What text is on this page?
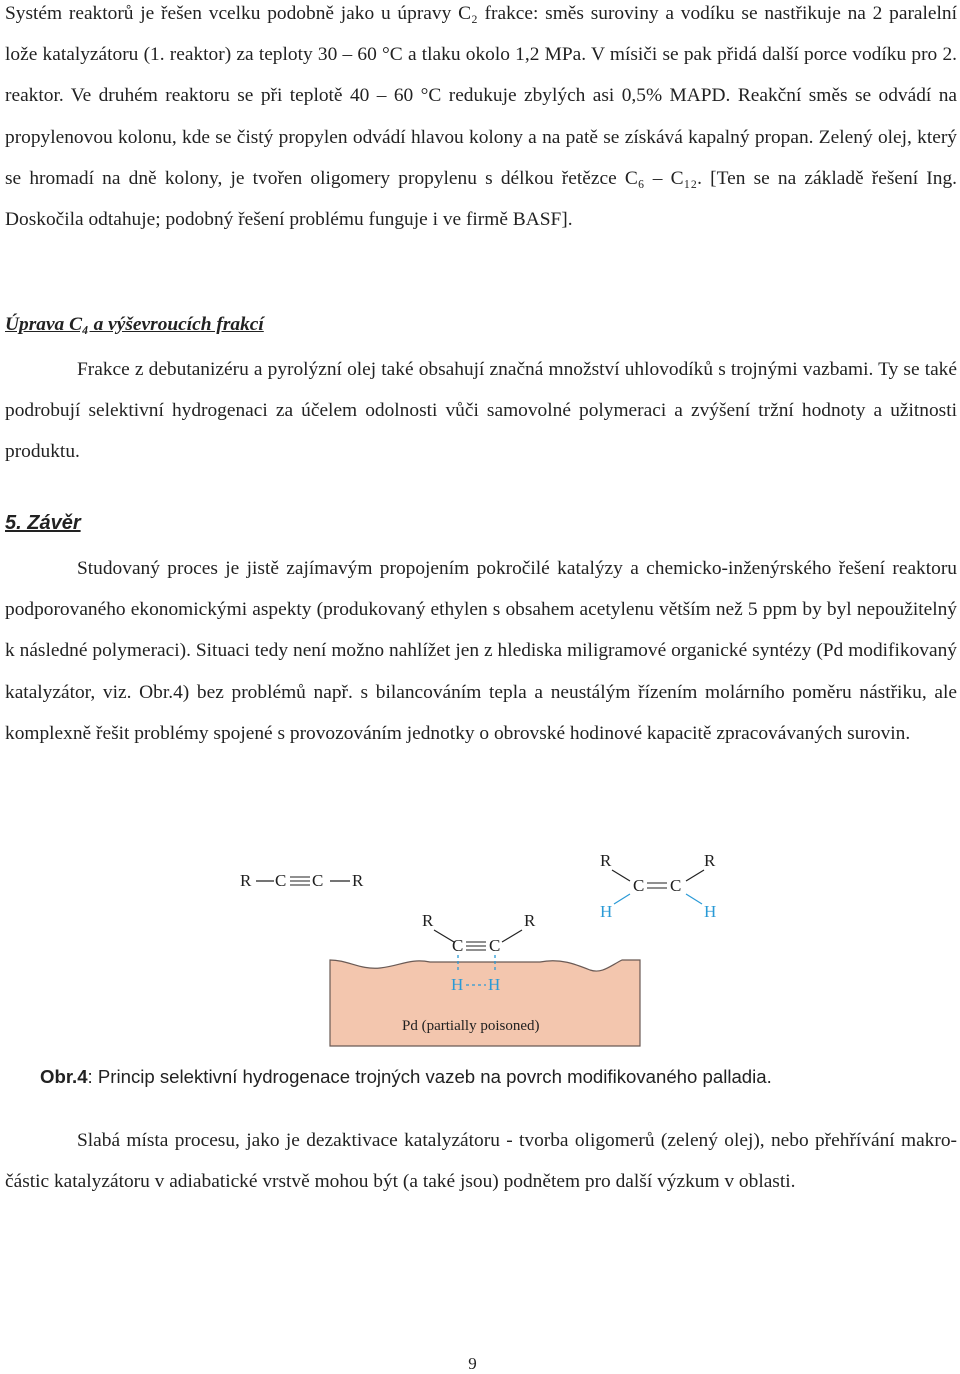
Systém reaktorů je řešen vcelku podobně jako u úpravy C₂ frakce: směs suroviny a vodíku se nastřikuje na 2 paralelní lože katalyzátoru (1. reaktor) za teploty 30 – 60 °C a tlaku okolo 1,2 MPa. V mísiči se pak přidá další porce vodíku pro 2. reaktor. Ve druhém reaktoru se při teplotě 40 – 60 °C redukuje zbylých asi 0,5% MAPD. Reakční směs se odvádí na propylenovou kolonu, kde se čistý propylen odvádí hlavou kolony a na patě se získává kapalný propan. Zelený olej, který se hromadí na dně kolony, je tvořen oligomery propylenu s délkou řetězce C₆ – C₁₂. [Ten se na základě řešení Ing. Doskočila odtahuje; podobný řešení problému funguje i ve firmě BASF].

Úprava C₄ a výševroucích frakcí

Frakce z debutanizéru a pyrolýzní olej také obsahují značná množství uhlovodíků s trojnými vazbami. Ty se také podrobují selektivní hydrogenaci za účelem odolnosti vůči samovolné polymeraci a zvýšení tržní hodnoty a užitnosti produktu.

5. Závěr

Studovaný proces je jistě zajímavým propojením pokročilé katalýzy a chemicko-inženýrského řešení reaktoru podporovaného ekonomickými aspekty (produkovaný ethylen s obsahem acetylenu větším než 5 ppm by byl nepoužitelný k následné polymeraci). Situaci tedy není možno nahlížet jen z hlediska miligramové organické syntézy (Pd modifikovaný katalyzátor, viz. Obr.4) bez problémů např. s bilancováním tepla a neustálým řízením molárního poměru nástřiku, ale komplexně řešit problémy spojené s provozováním jednotky o obrovské hodinové kapacitě zpracovávaných surovin.

Pd (partially poisoned)
R C C R
R	R
C C
H H
R	R
C C
H	H

Obr.4: Princip selektivní hydrogenace trojných vazeb na povrch modifikovaného palladia.

Slabá místa procesu, jako je dezaktivace katalyzátoru - tvorba oligomerů (zelený olej), nebo přehřívání makro-částic katalyzátoru v adiabatické vrstvě mohou být (a také jsou) podnětem pro další výzkum v oblasti.

9
